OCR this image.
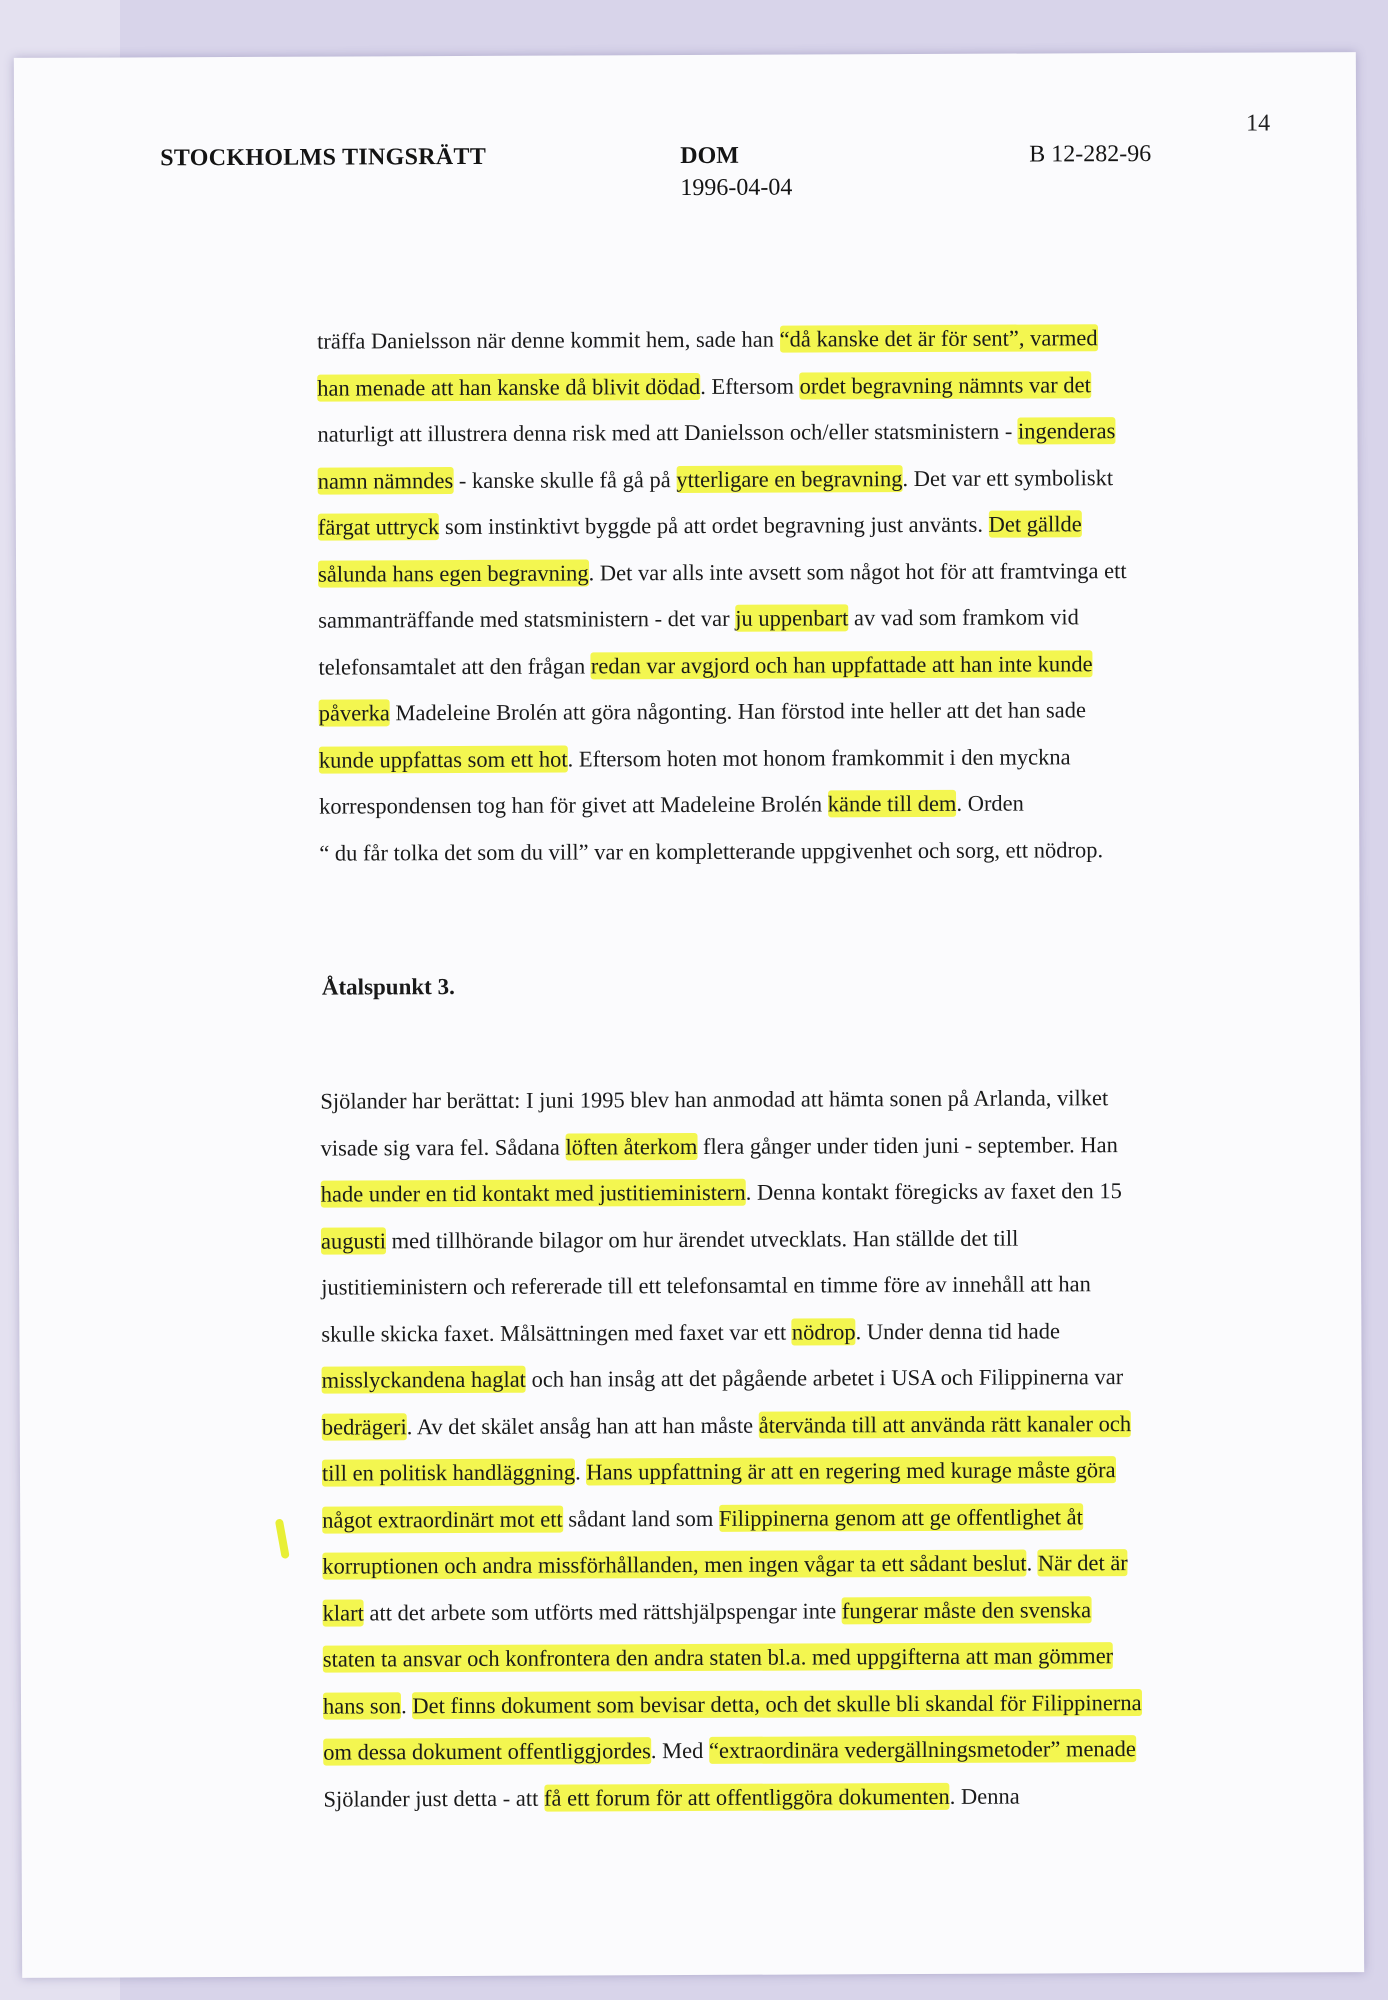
14
STOCKHOLMS TINGSRÄTT	DOM
1996-04-04
B 12-282-96
träffa Danielsson när denne kommit hem, sade han “då kanske det är för sent”, varmed
han menade att han kanske då blivit dödad. Eftersom ordet begravning nämnts var det
naturligt att illustrera denna risk med att Danielsson och/eller statsministern - ingenderas
namn nämndes - kanske skulle få gå på ytterligare en begravning. Det var ett symboliskt
färgat uttryck som instinktivt byggde på att ordet begravning just använts. Det gällde
sålunda hans egen begravning. Det var alls inte avsett som något hot för att framtvinga ett
sammanträffande med statsministern - det var ju uppenbart av vad som framkom vid
telefonsamtalet att den frågan redan var avgjord och han uppfattade att han inte kunde
påverka Madeleine Brolén att göra någonting. Han förstod inte heller att det han sade
kunde uppfattas som ett hot. Eftersom hoten mot honom framkommit i den myckna
korrespondensen tog han för givet att Madeleine Brolén kände till dem. Orden
“ du får tolka det som du vill” var en kompletterande uppgivenhet och sorg, ett nödrop.
Åtalspunkt 3.
Sjölander har berättat: I juni 1995 blev han anmodad att hämta sonen på Arlanda, vilket
visade sig vara fel. Sådana löften återkom flera gånger under tiden juni - september. Han
hade under en tid kontakt med justitieministern. Denna kontakt föregicks av faxet den 15
augusti med tillhörande bilagor om hur ärendet utvecklats. Han ställde det till
justitieministern och refererade till ett telefonsamtal en timme före av innehåll att han
skulle skicka faxet. Målsättningen med faxet var ett nödrop. Under denna tid hade
misslyckandena haglat och han insåg att det pågående arbetet i USA och Filippinerna var
bedrägeri. Av det skälet ansåg han att han måste återvända till att använda rätt kanaler och
till en politisk handläggning. Hans uppfattning är att en regering med kurage måste göra
något extraordinärt mot ett sådant land som Filippinerna genom att ge offentlighet åt
korruptionen och andra missförhållanden, men ingen vågar ta ett sådant beslut. När det är
klart att det arbete som utförts med rättshjälpspengar inte fungerar måste den svenska
staten ta ansvar och konfrontera den andra staten bl.a. med uppgifterna att man gömmer
hans son. Det finns dokument som bevisar detta, och det skulle bli skandal för Filippinerna
om dessa dokument offentliggjordes. Med “extraordinära vedergällningsmetoder” menade
Sjölander just detta - att få ett forum för att offentliggöra dokumenten. Denna
